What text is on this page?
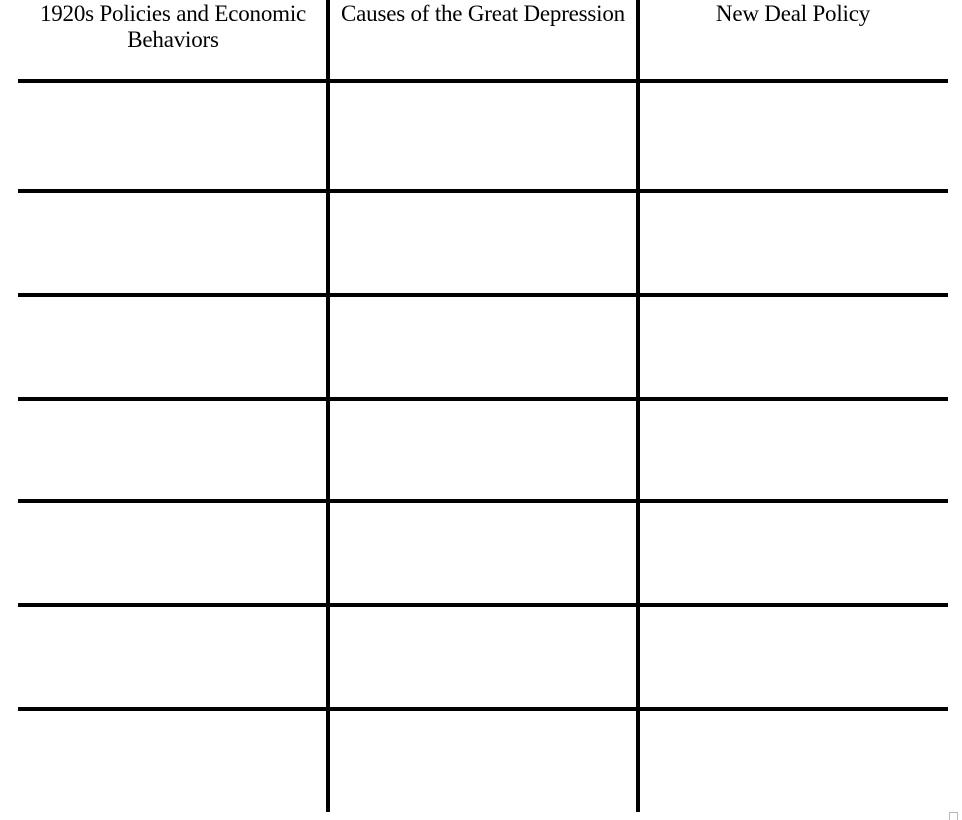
1920s Policies and Economic Behaviors
Causes of the Great Depression	New Deal Policy
